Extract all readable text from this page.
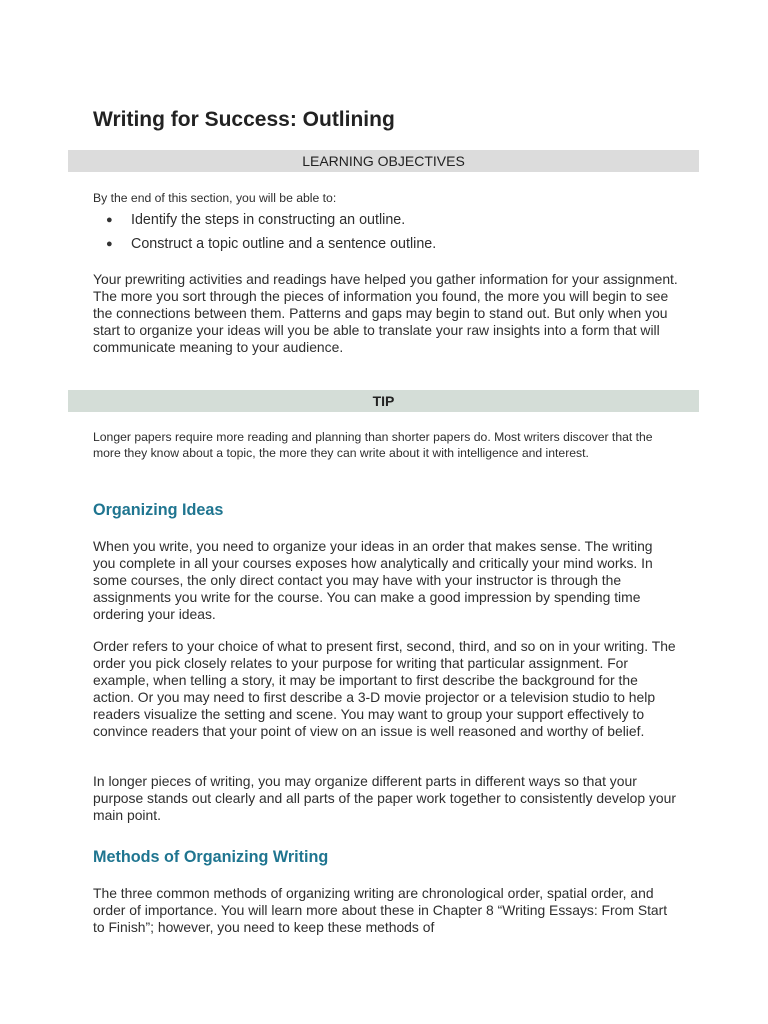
Writing for Success: Outlining
LEARNING OBJECTIVES

By the end of this section, you will be able to:

● Identify the steps in constructing an outline.
● Construct a topic outline and a sentence outline.

Your prewriting activities and readings have helped you gather information for your assignment. The more you sort through the pieces of information you found, the more you will begin to see the connections between them. Patterns and gaps may begin to stand out. But only when you start to organize your ideas will you be able to translate your raw insights into a form that will communicate meaning to your audience.

TIP

Longer papers require more reading and planning than shorter papers do. Most writers discover that the more they know about a topic, the more they can write about it with intelligence and interest.

Organizing Ideas

When you write, you need to organize your ideas in an order that makes sense. The writing you complete in all your courses exposes how analytically and critically your mind works. In some courses, the only direct contact you may have with your instructor is through the assignments you write for the course. You can make a good impression by spending time ordering your ideas.

Order refers to your choice of what to present first, second, third, and so on in your writing. The order you pick closely relates to your purpose for writing that particular assignment. For example, when telling a story, it may be important to first describe the background for the action. Or you may need to first describe a 3-D movie projector or a television studio to help readers visualize the setting and scene. You may want to group your support effectively to convince readers that your point of view on an issue is well reasoned and worthy of belief.

In longer pieces of writing, you may organize different parts in different ways so that your purpose stands out clearly and all parts of the paper work together to consistently develop your main point.

Methods of Organizing Writing

The three common methods of organizing writing are chronological order, spatial order, and order of importance. You will learn more about these in Chapter 8 “Writing Essays: From Start to Finish”; however, you need to keep these methods of
